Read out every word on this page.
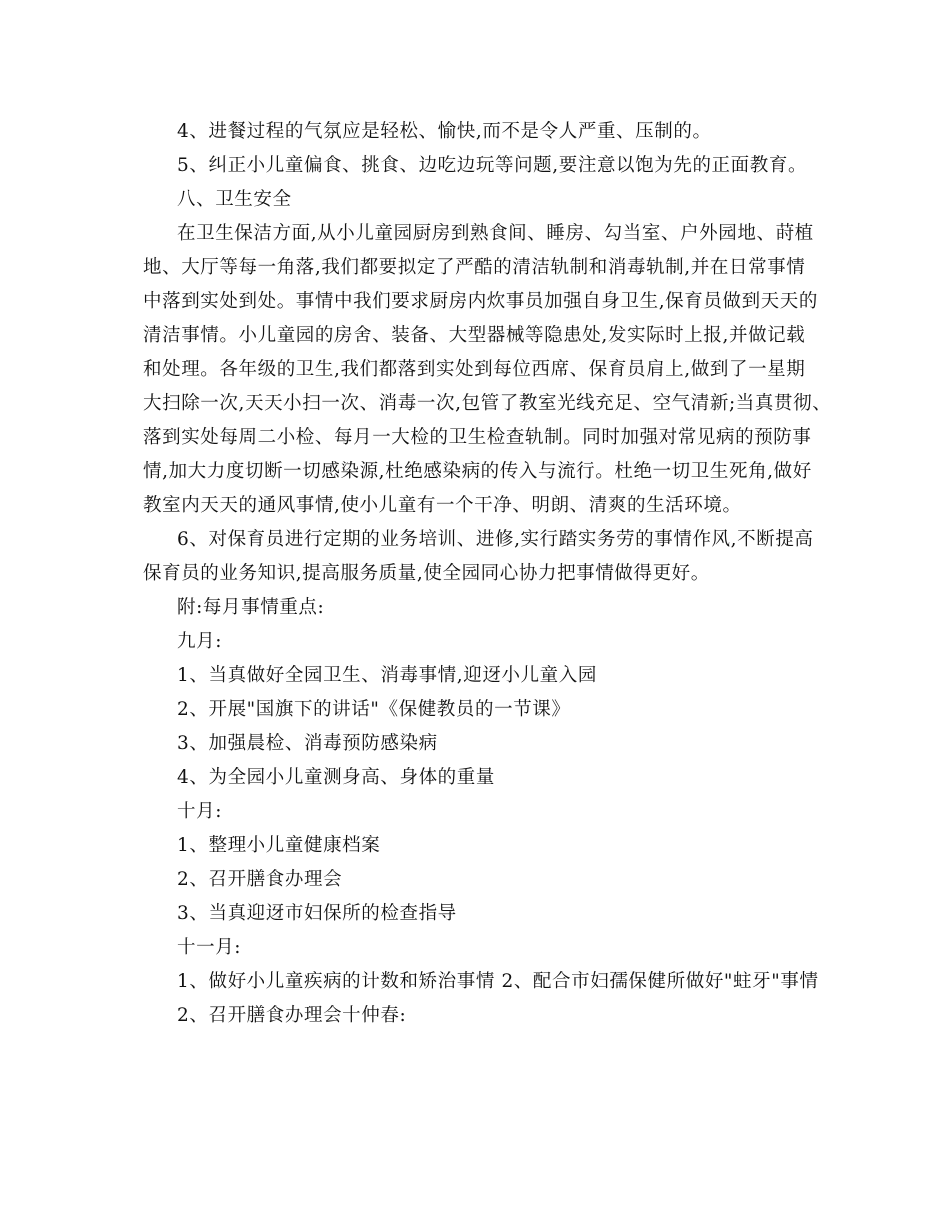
4、进餐过程的气氛应是轻松、愉快,而不是令人严重、压制的。
5、纠正小儿童偏食、挑食、边吃边玩等问题,要注意以饱为先的正面教育。
八、卫生安全
在卫生保洁方面,从小儿童园厨房到熟食间、睡房、勾当室、户外园地、莳植
地、大厅等每一角落,我们都要拟定了严酷的清洁轨制和消毒轨制,并在日常事情
中落到实处到处。事情中我们要求厨房内炊事员加强自身卫生,保育员做到天天的
清洁事情。小儿童园的房舍、装备、大型器械等隐患处,发实际时上报,并做记载
和处理。各年级的卫生,我们都落到实处到每位西席、保育员肩上,做到了一星期
大扫除一次,天天小扫一次、消毒一次,包管了教室光线充足、空气清新;当真贯彻、
落到实处每周二小检、每月一大检的卫生检查轨制。同时加强对常见病的预防事
情,加大力度切断一切感染源,杜绝感染病的传入与流行。杜绝一切卫生死角,做好
教室内天天的通风事情,使小儿童有一个干净、明朗、清爽的生活环境。
6、对保育员进行定期的业务培训、进修,实行踏实务劳的事情作风,不断提高
保育员的业务知识,提高服务质量,使全园同心协力把事情做得更好。
附:每月事情重点:
九月:
1、当真做好全园卫生、消毒事情,迎迓小儿童入园
2、开展"国旗下的讲话"《保健教员的一节课》
3、加强晨检、消毒预防感染病
4、为全园小儿童测身高、身体的重量
十月:
1、整理小儿童健康档案
2、召开膳食办理会
3、当真迎迓市妇保所的检查指导
十一月:
1、做好小儿童疾病的计数和矫治事情 2、配合市妇孺保健所做好"蛀牙"事情
2、召开膳食办理会十仲春:
